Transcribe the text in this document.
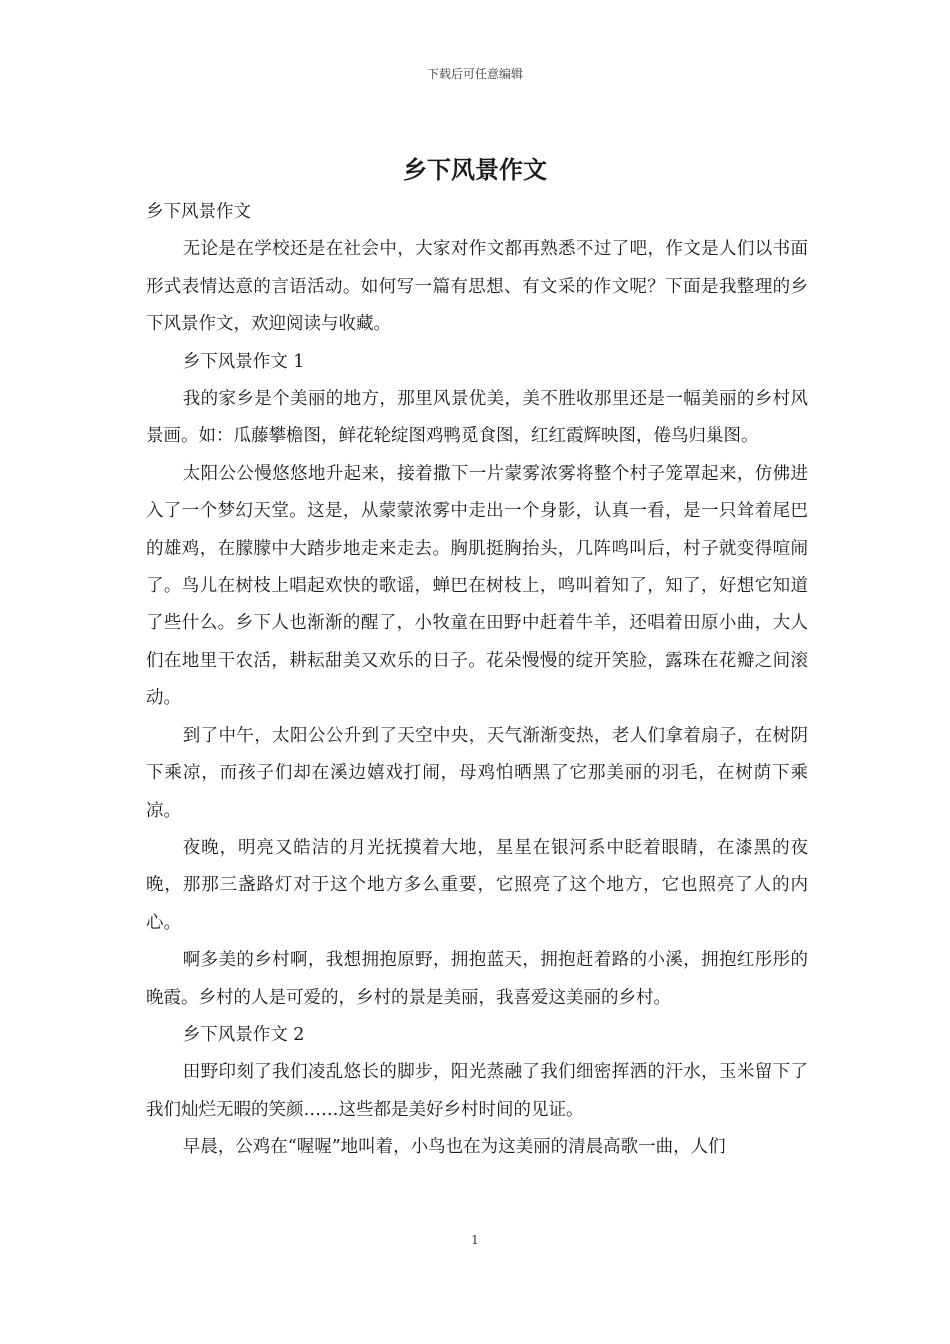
下载后可任意编辑
乡下风景作文

乡下风景作文

无论是在学校还是在社会中，大家对作文都再熟悉不过了吧，作文是人们以书面形式表情达意的言语活动。如何写一篇有思想、有文采的作文呢？下面是我整理的乡下风景作文，欢迎阅读与收藏。

乡下风景作文 1

我的家乡是个美丽的地方，那里风景优美，美不胜收那里还是一幅美丽的乡村风景画。如：瓜藤攀檐图，鲜花轮绽图鸡鸭觅食图，红红霞辉映图，倦鸟归巢图。

太阳公公慢悠悠地升起来，接着撒下一片蒙雾浓雾将整个村子笼罩起来，仿佛进入了一个梦幻天堂。这是，从蒙蒙浓雾中走出一个身影，认真一看，是一只耸着尾巴的雄鸡，在朦朦中大踏步地走来走去。胸肌挺胸抬头，几阵鸣叫后，村子就变得喧闹了。鸟儿在树枝上唱起欢快的歌谣，蝉巴在树枝上，鸣叫着知了，知了，好想它知道了些什么。乡下人也渐渐的醒了，小牧童在田野中赶着牛羊，还唱着田原小曲，大人们在地里干农活，耕耘甜美又欢乐的日子。花朵慢慢的绽开笑脸，露珠在花瓣之间滚动。

到了中午，太阳公公升到了天空中央，天气渐渐变热，老人们拿着扇子，在树阴下乘凉，而孩子们却在溪边嬉戏打闹，母鸡怕晒黑了它那美丽的羽毛，在树荫下乘凉。

夜晚，明亮又皓洁的月光抚摸着大地，星星在银河系中眨着眼睛，在漆黑的夜晚，那那三盏路灯对于这个地方多么重要，它照亮了这个地方，它也照亮了人的内心。

啊多美的乡村啊，我想拥抱原野，拥抱蓝天，拥抱赶着路的小溪，拥抱红彤彤的晚霞。乡村的人是可爱的，乡村的景是美丽，我喜爱这美丽的乡村。

乡下风景作文 2

田野印刻了我们凌乱悠长的脚步，阳光蒸融了我们细密挥洒的汗水，玉米留下了我们灿烂无暇的笑颜……这些都是美好乡村时间的见证。

早晨，公鸡在“喔喔”地叫着，小鸟也在为这美丽的清晨高歌一曲，人们

1
